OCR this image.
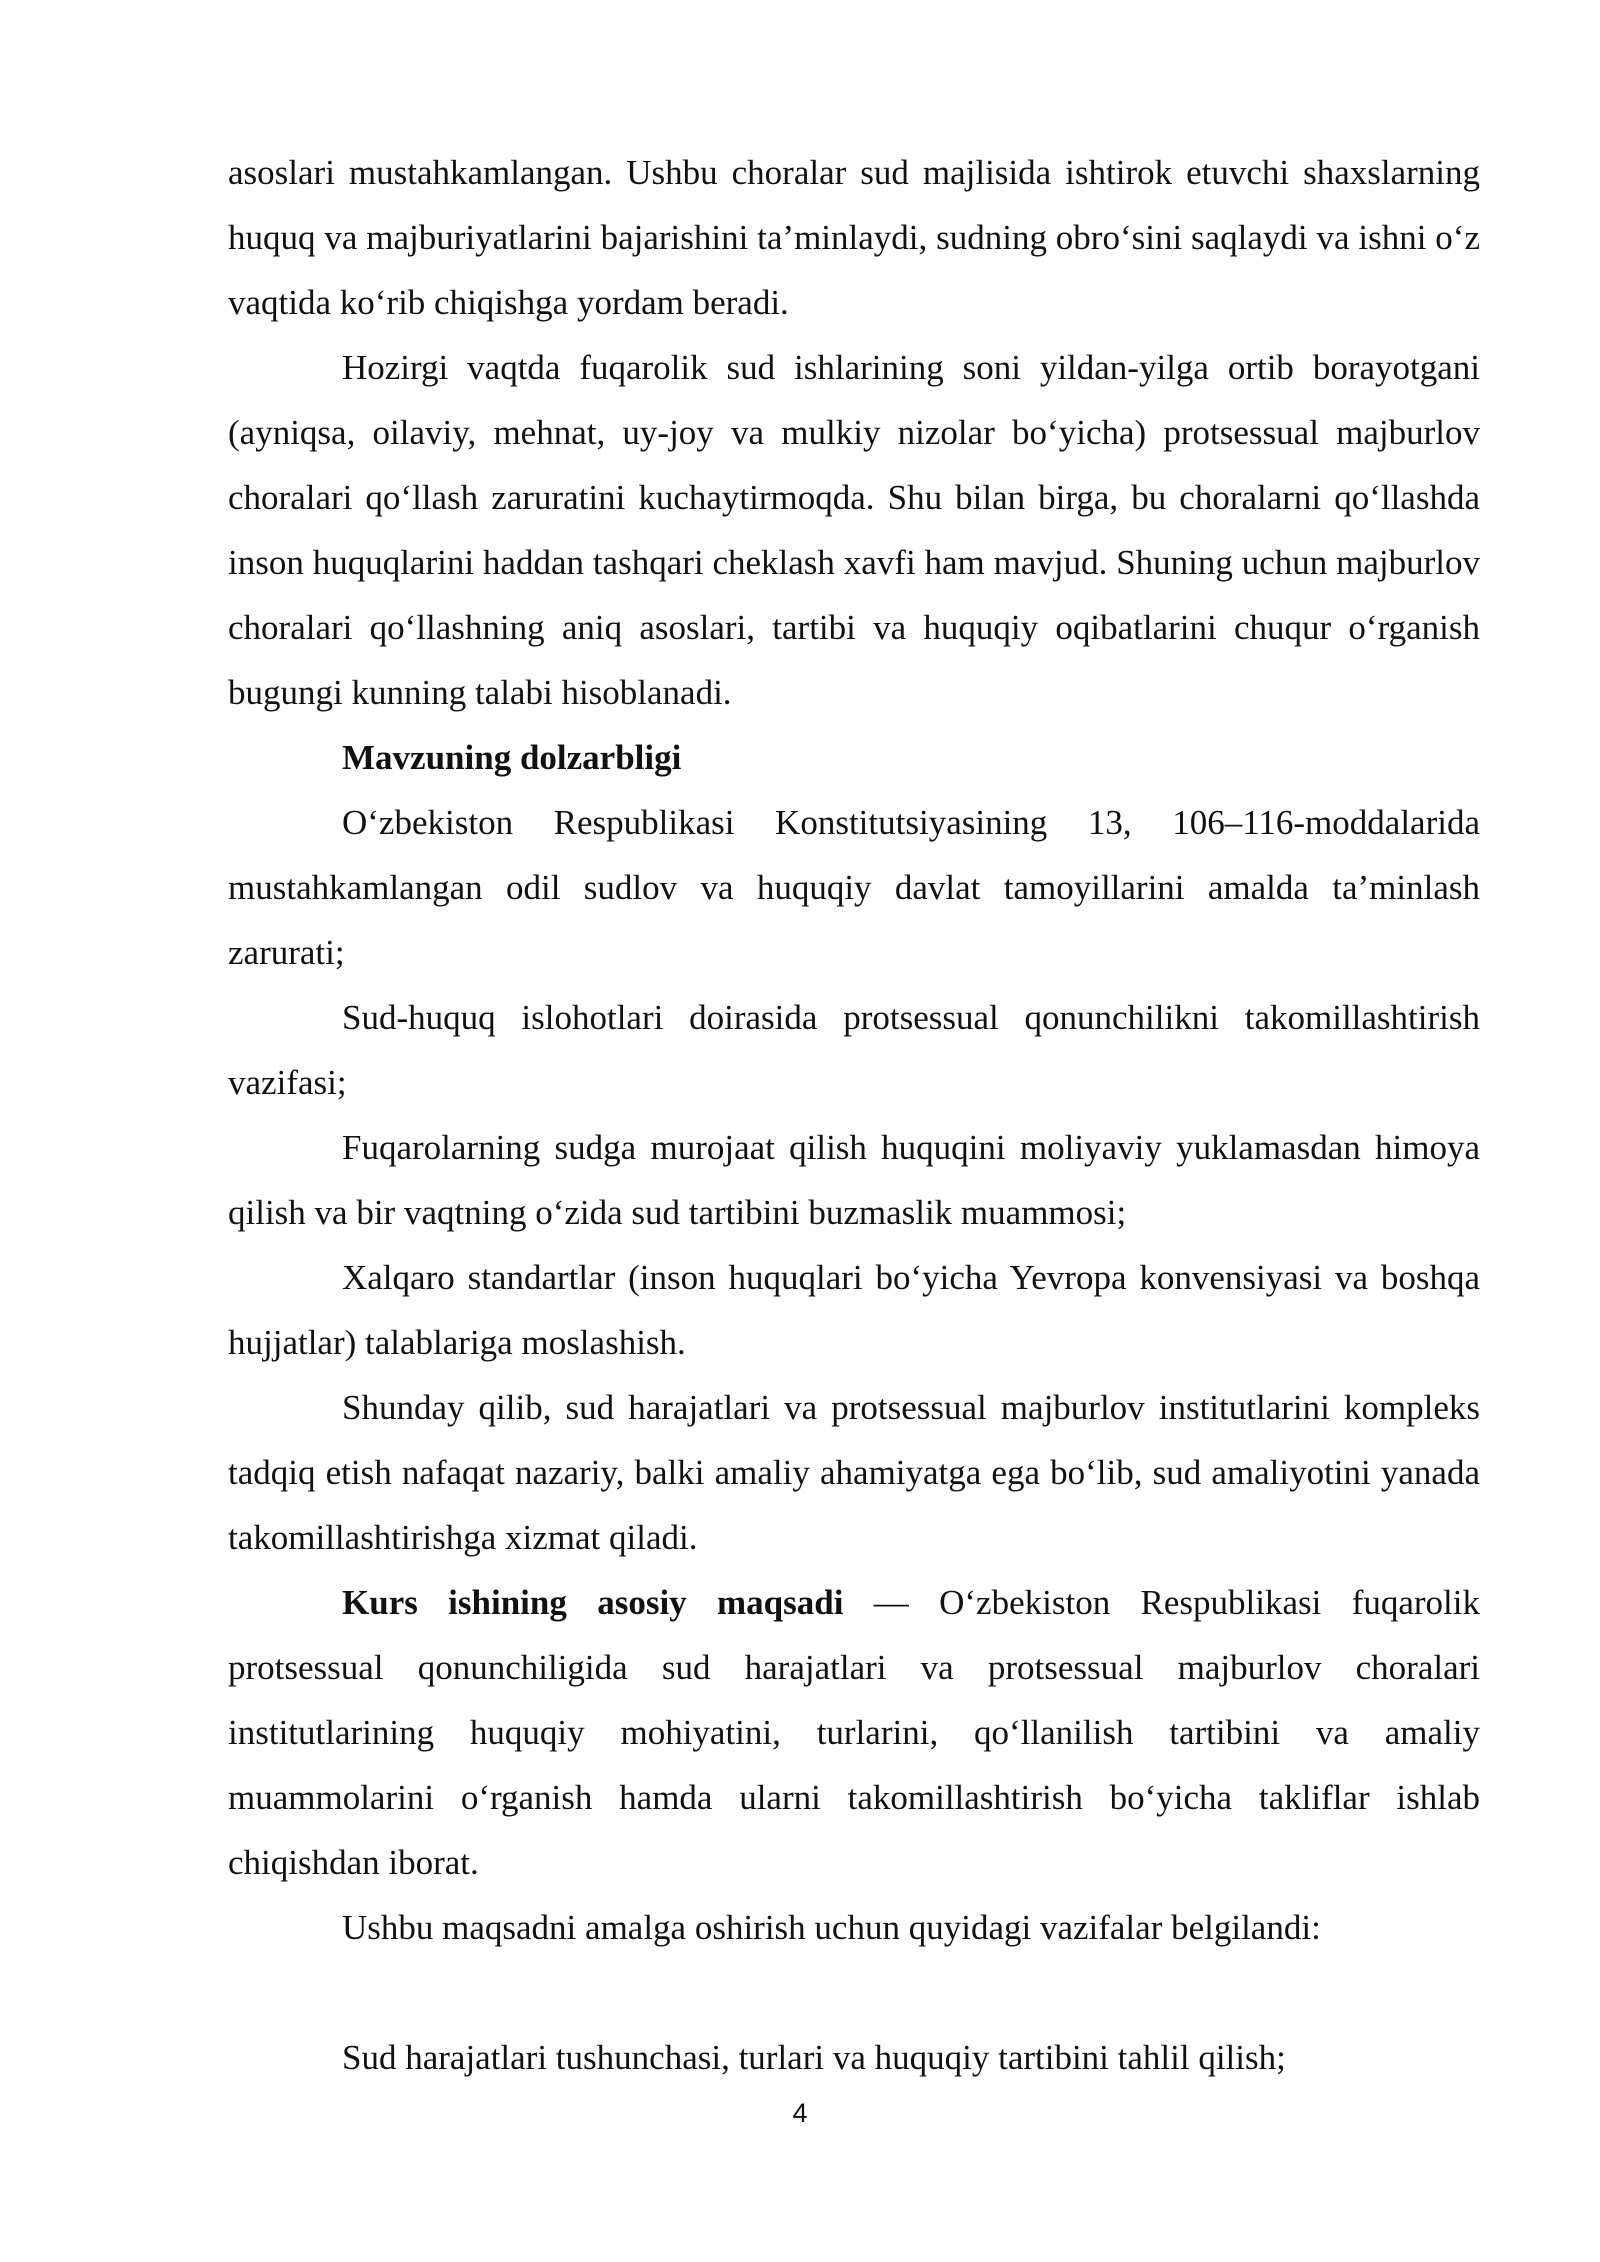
asoslari mustahkamlangan. Ushbu choralar sud majlisida ishtirok etuvchi shaxslarning huquq va majburiyatlarini bajarishini ta’minlaydi, sudning obro‘sini saqlaydi va ishni o‘z vaqtida ko‘rib chiqishga yordam beradi.

Hozirgi vaqtda fuqarolik sud ishlarining soni yildan-yilga ortib borayotgani (ayniqsa, oilaviy, mehnat, uy-joy va mulkiy nizolar bo‘yicha) protsessual majburlov choralari qo‘llash zaruratini kuchaytirmoqda. Shu bilan birga, bu choralarni qo‘llashda inson huquqlarini haddan tashqari cheklash xavfi ham mavjud. Shuning uchun majburlov choralari qo‘llashning aniq asoslari, tartibi va huquqiy oqibatlarini chuqur o‘rganish bugungi kunning talabi hisoblanadi.

Mavzuning dolzarbligi

O‘zbekiston Respublikasi Konstitutsiyasining 13, 106–116-moddalarida mustahkamlangan odil sudlov va huquqiy davlat tamoyillarini amalda ta’minlash zarurati;

Sud-huquq islohotlari doirasida protsessual qonunchilikni takomillashtirish vazifasi;

Fuqarolarning sudga murojaat qilish huquqini moliyaviy yuklamasdan himoya qilish va bir vaqtning o‘zida sud tartibini buzmaslik muammosi;

Xalqaro standartlar (inson huquqlari bo‘yicha Yevropa konvensiyasi va boshqa hujjatlar) talablariga moslashish.

Shunday qilib, sud harajatlari va protsessual majburlov institutlarini kompleks tadqiq etish nafaqat nazariy, balki amaliy ahamiyatga ega bo‘lib, sud amaliyotini yanada takomillashtirishga xizmat qiladi.

Kurs ishining asosiy maqsadi — O‘zbekiston Respublikasi fuqarolik protsessual qonunchiligida sud harajatlari va protsessual majburlov choralari institutlarining huquqiy mohiyatini, turlarini, qo‘llanilish tartibini va amaliy muammolarini o‘rganish hamda ularni takomillashtirish bo‘yicha takliflar ishlab chiqishdan iborat.

Ushbu maqsadni amalga oshirish uchun quyidagi vazifalar belgilandi:

Sud harajatlari tushunchasi, turlari va huquqiy tartibini tahlil qilish;

4
